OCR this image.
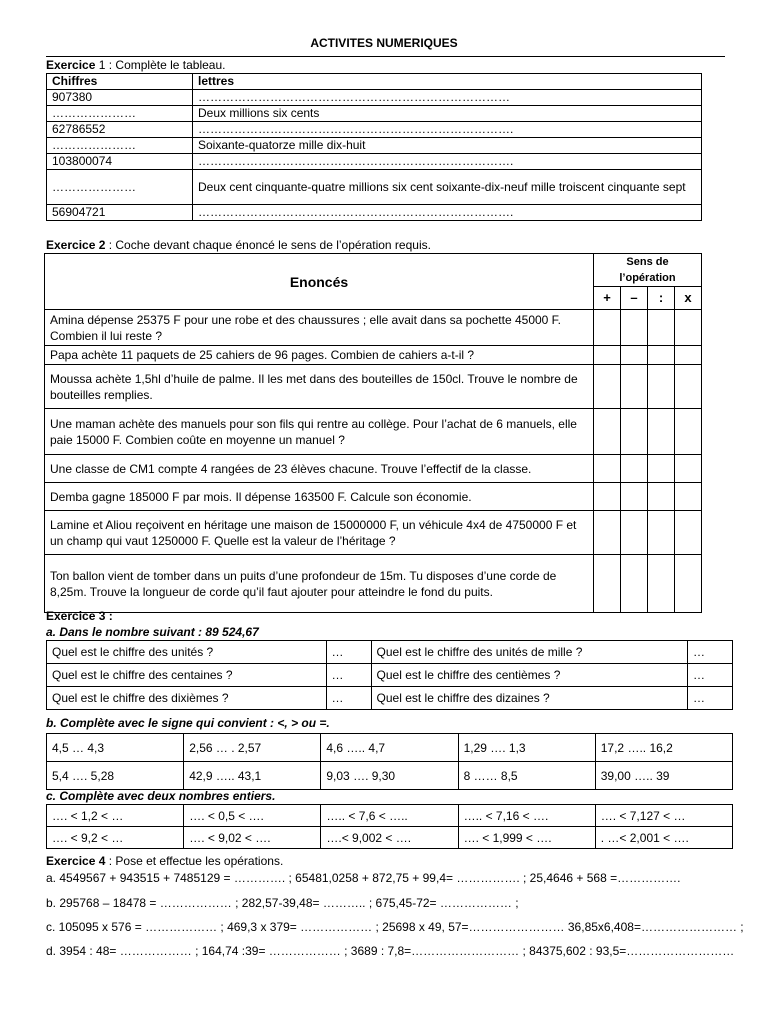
ACTIVITES NUMERIQUES
Exercice 1 : Complète le tableau.
Chiffres	lettres
907380	……………………………………………………………………
…………………	Deux millions six cents
62786552	…………………………………………………………………….
…………………	Soixante-quatorze mille dix-huit
103800074	…………………………………………………………………….
…………………	Deux cent cinquante-quatre millions six cent soixante-dix-neuf mille troiscent cinquante sept
56904721	…………………………………………………………………….
Exercice 2 : Coche devant chaque énoncé le sens de l’opération requis.
Enoncés	Sens de l’opération			
	+	–	:	x
Amina dépense 25375 F pour une robe et des chaussures ; elle avait dans sa pochette 45000 F. Combien il lui reste ?				
Papa achète 11 paquets de 25 cahiers de 96 pages. Combien de cahiers a-t-il ?				
Moussa achète 1,5hl d’huile de palme. Il les met dans des bouteilles de 150cl. Trouve le nombre de bouteilles remplies.				
Une maman achète des manuels pour son fils qui rentre au collège. Pour l’achat de 6 manuels, elle paie 15000 F. Combien coûte en moyenne un manuel ?				
Une classe de CM1 compte 4 rangées de 23 élèves chacune. Trouve l’effectif de la classe.				
Demba gagne 185000 F par mois. Il dépense 163500 F. Calcule son économie.				
Lamine et Aliou reçoivent en héritage une maison de 15000000 F, un véhicule 4x4 de 4750000 F et un champ qui vaut 1250000 F. Quelle est la valeur de l’héritage ?				
Ton ballon vient de tomber dans un puits d’une profondeur de 15m. Tu disposes d’une corde de 8,25m. Trouve la longueur de corde qu’il faut ajouter pour atteindre le fond du puits.				
Exercice 3 :
a. Dans le nombre suivant : 89 524,67
Quel est le chiffre des unités ?	…	Quel est le chiffre des unités de mille ?	…
Quel est le chiffre des centaines ?	…	Quel est le chiffre des centièmes ?	…
Quel est le chiffre des dixièmes ?	…	Quel est le chiffre des dizaines ?	…
b. Complète avec le signe qui convient : <, > ou =.
4,5 … 4,3	2,56 … . 2,57	4,6 ….. 4,7	1,29 …. 1,3	17,2 ….. 16,2
5,4 …. 5,28	42,9 ….. 43,1	9,03 …. 9,30	8 …… 8,5	39,00 ….. 39
c. Complète avec deux nombres entiers.
…. < 1,2 < …	…. < 0,5 < ….	….. < 7,6 < …..	….. < 7,16 < ….	…. < 7,127 < …
…. < 9,2 < …	…. < 9,02 < ….	….< 9,002 < ….	…. < 1,999 < ….	. …< 2,001 < ….
Exercice 4 : Pose et effectue les opérations.
a. 4549567 + 943515 + 7485129 = …………. ; 65481,0258 + 872,75 + 99,4= ……………. ; 25,4646 + 568 =…………….
b. 295768 – 18478 = ……………… ; 282,57-39,48= ……….. ; 675,45-72= ……………… ;
c. 105095 x 576 = ……………… ; 469,3 x 379= ……………… ; 25698 x 49, 57=…………………… 36,85x6,408=…………………… ;
d. 3954 : 48= ……………… ; 164,74 :39= ……………… ; 3689 : 7,8=……………………… ; 84375,602 : 93,5=………………………
